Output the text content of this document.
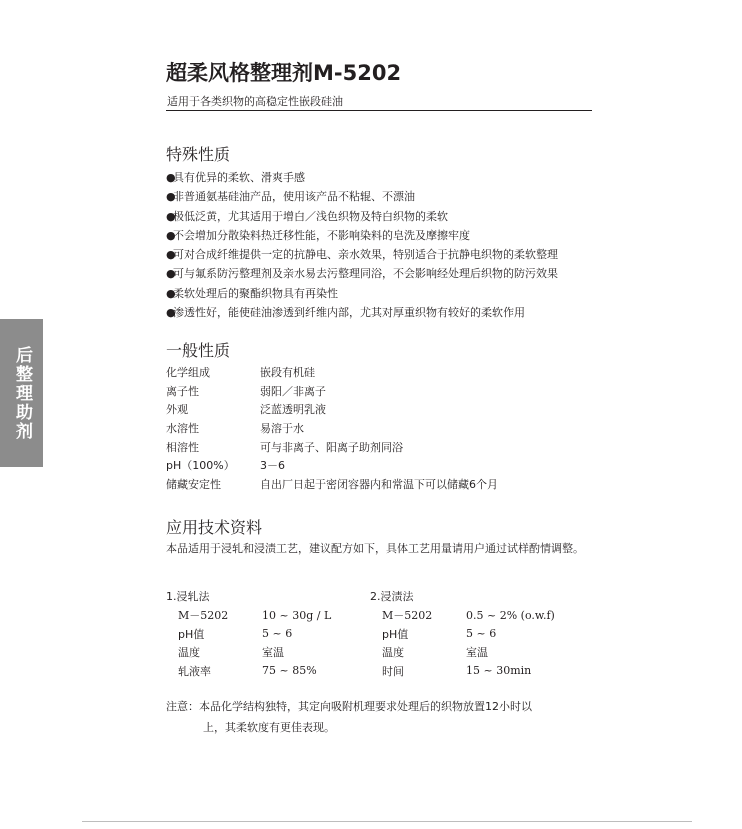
后整理助剂
超柔风格整理剂M-5202
适用于各类织物的高稳定性嵌段硅油
特殊性质
●具有优异的柔软、滑爽手感
●非普通氨基硅油产品，使用该产品不粘辊、不漂油
●极低泛黄，尤其适用于增白／浅色织物及特白织物的柔软
●不会增加分散染料热迁移性能，不影响染料的皂洗及摩擦牢度
●可对合成纤维提供一定的抗静电、亲水效果，特别适合于抗静电织物的柔软整理
●可与氟系防污整理剂及亲水易去污整理同浴，不会影响经处理后织物的防污效果
●柔软处理后的聚酯织物具有再染性
●渗透性好，能使硅油渗透到纤维内部，尤其对厚重织物有较好的柔软作用
一般性质
化学组成	嵌段有机硅
离子性	弱阳／非离子
外观	泛蓝透明乳液
水溶性	易溶于水
相溶性	可与非离子、阳离子助剂同浴
pH（100%）	3－6
储藏安定性	自出厂日起于密闭容器内和常温下可以储藏6个月
应用技术资料
本品适用于浸轧和浸渍工艺，建议配方如下，具体工艺用量请用户通过试样酌情调整。
1.浸轧法
M－5202	10 ~ 30g / L
pH值	5 ~ 6
温度	室温
轧液率	75 ~ 85%
2.浸渍法
M－5202	0.5 ~ 2% (o.w.f)
pH值	5 ~ 6
温度	室温
时间	15 ~ 30min
注意：本品化学结构独特，其定向吸附机理要求处理后的织物放置12小时以
上，其柔软度有更佳表现。
